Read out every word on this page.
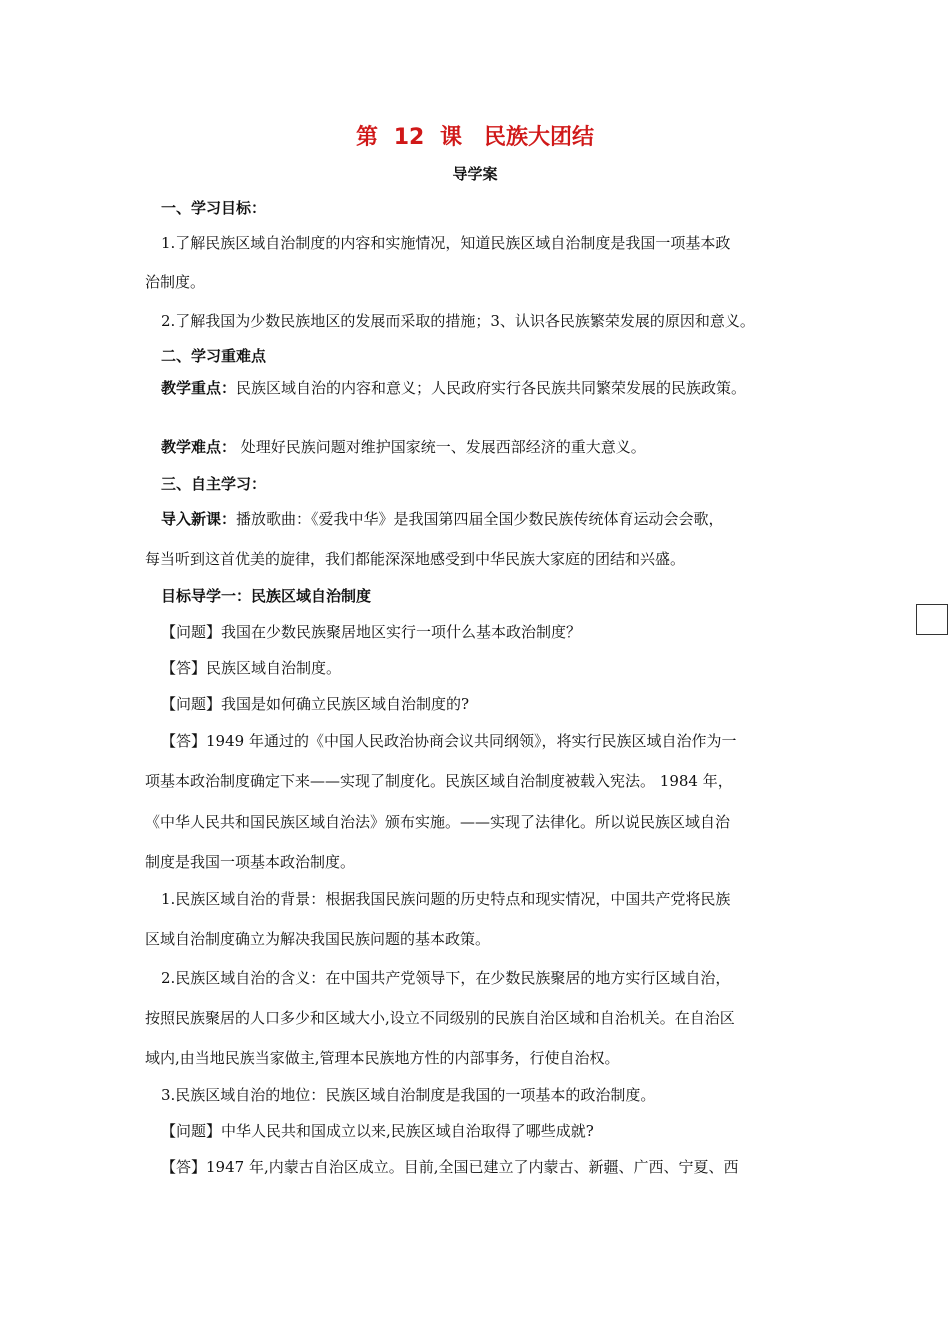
第 12 课　民族大团结
导学案
一、学习目标：
1.了解民族区域自治制度的内容和实施情况，知道民族区域自治制度是我国一项基本政
治制度。
2.了解我国为少数民族地区的发展而采取的措施；3、认识各民族繁荣发展的原因和意义。
二、学习重难点
教学重点：民族区域自治的内容和意义；人民政府实行各民族共同繁荣发展的民族政策。
教学难点： 处理好民族问题对维护国家统一、发展西部经济的重大意义。
三、自主学习：
导入新课：播放歌曲：《爱我中华》是我国第四届全国少数民族传统体育运动会会歌，
每当听到这首优美的旋律，我们都能深深地感受到中华民族大家庭的团结和兴盛。
目标导学一：民族区域自治制度
【问题】我国在少数民族聚居地区实行一项什么基本政治制度？
【答】民族区域自治制度。
【问题】我国是如何确立民族区域自治制度的?
【答】1949 年通过的《中国人民政治协商会议共同纲领》，将实行民族区域自治作为一
项基本政治制度确定下来——实现了制度化。民族区域自治制度被载入宪法。 1984 年，
《中华人民共和国民族区域自治法》颁布实施。——实现了法律化。所以说民族区域自治
制度是我国一项基本政治制度。
1.民族区域自治的背景：根据我国民族问题的历史特点和现实情况，中国共产党将民族
区域自治制度确立为解决我国民族问题的基本政策。
2.民族区域自治的含义：在中国共产党领导下，在少数民族聚居的地方实行区域自治，
按照民族聚居的人口多少和区域大小,设立不同级别的民族自治区域和自治机关。在自治区
域内,由当地民族当家做主,管理本民族地方性的内部事务，行使自治权。
3.民族区域自治的地位：民族区域自治制度是我国的一项基本的政治制度。
【问题】中华人民共和国成立以来,民族区域自治取得了哪些成就?
【答】1947 年,内蒙古自治区成立。目前,全国已建立了内蒙古、新疆、广西、宁夏、西
